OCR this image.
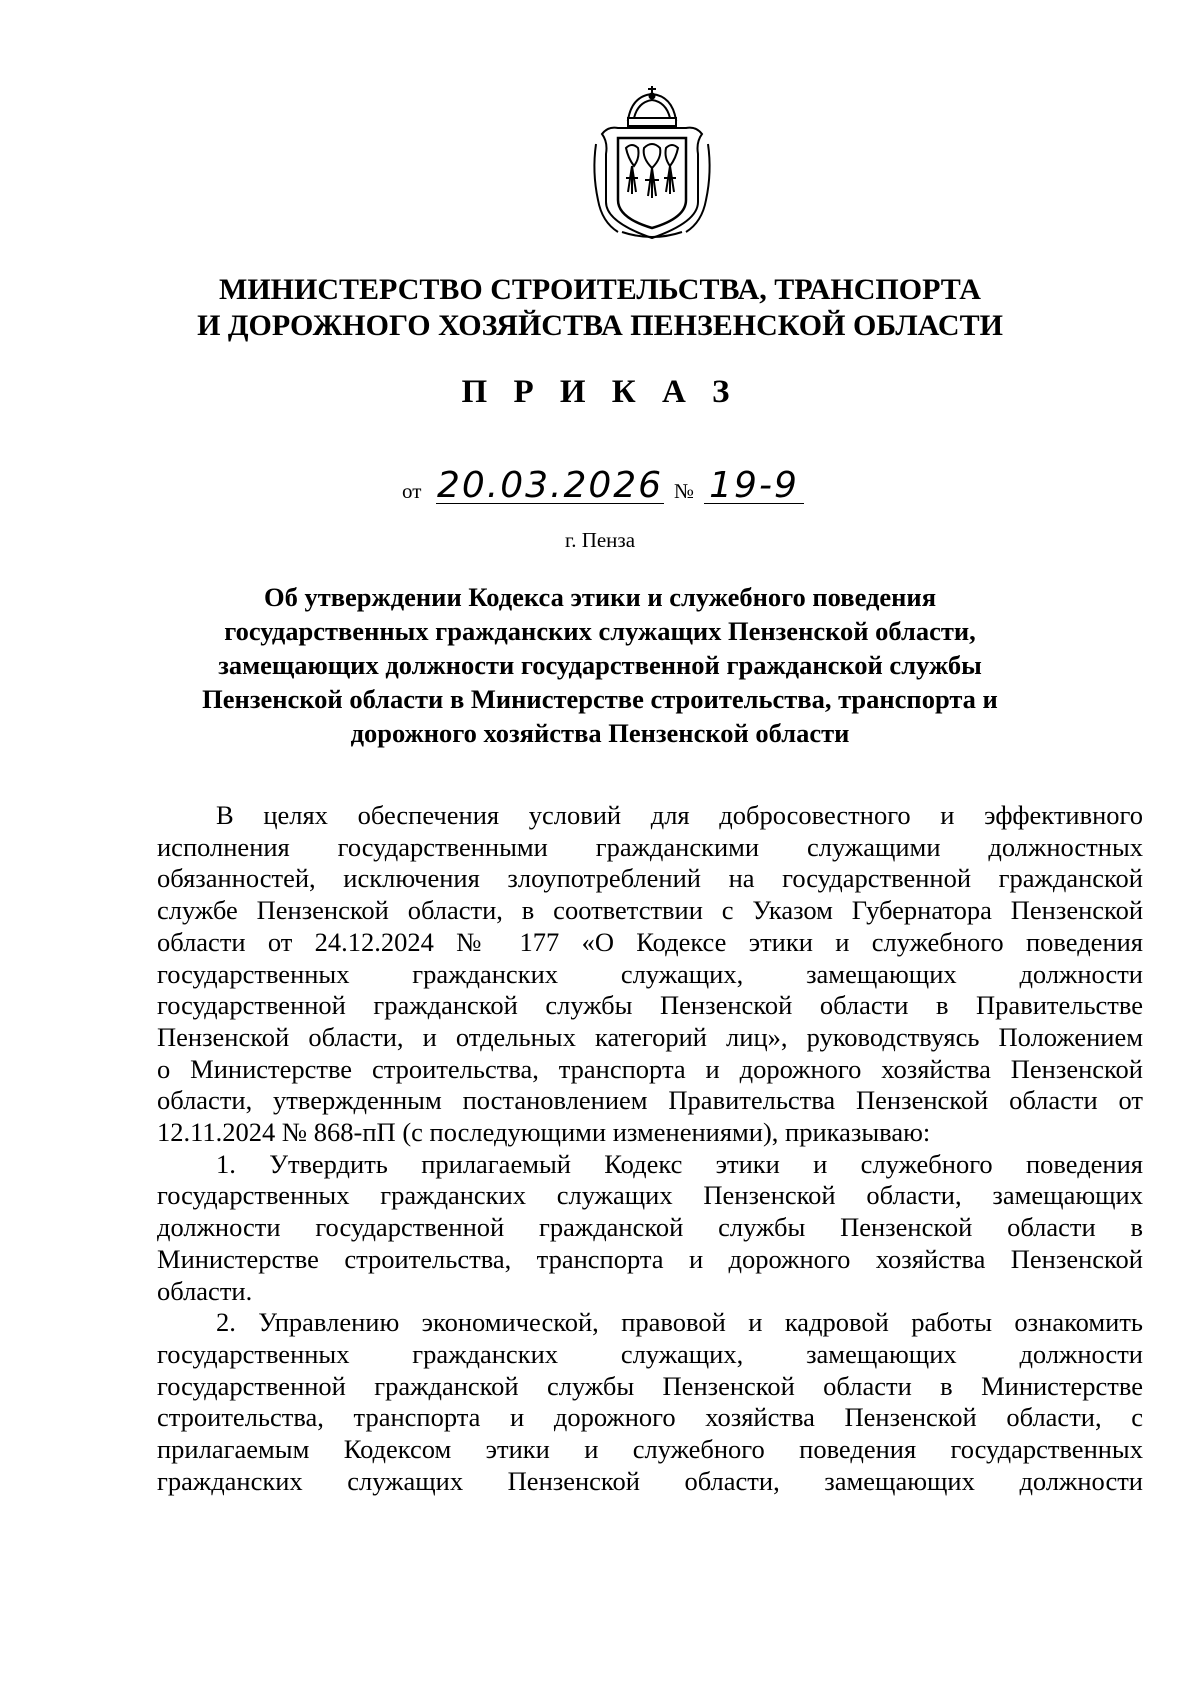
МИНИСТЕРСТВО СТРОИТЕЛЬСТВА, ТРАНСПОРТА
И ДОРОЖНОГО ХОЗЯЙСТВА ПЕНЗЕНСКОЙ ОБЛАСТИ
П Р И К А З
от 20.03.2026 № 19-9
г. Пенза
Об утверждении Кодекса этики и служебного поведения
государственных гражданских служащих Пензенской области,
замещающих должности государственной гражданской службы
Пензенской области в Министерстве строительства, транспорта и
дорожного хозяйства Пензенской области
В целях обеспечения условий для добросовестного и эффективного
исполнения государственными гражданскими служащими должностных
обязанностей, исключения злоупотреблений на государственной гражданской
службе Пензенской области, в соответствии с Указом Губернатора Пензенской
области от 24.12.2024 № 177 «О Кодексе этики и служебного поведения
государственных гражданских служащих, замещающих должности
государственной гражданской службы Пензенской области в Правительстве
Пензенской области, и отдельных категорий лиц», руководствуясь Положением
о Министерстве строительства, транспорта и дорожного хозяйства Пензенской
области, утвержденным постановлением Правительства Пензенской области от
12.11.2024 № 868-пП (с последующими изменениями), приказываю:
1. Утвердить прилагаемый Кодекс этики и служебного поведения
государственных гражданских служащих Пензенской области, замещающих
должности государственной гражданской службы Пензенской области в
Министерстве строительства, транспорта и дорожного хозяйства Пензенской
области.
2. Управлению экономической, правовой и кадровой работы ознакомить
государственных гражданских служащих, замещающих должности
государственной гражданской службы Пензенской области в Министерстве
строительства, транспорта и дорожного хозяйства Пензенской области, с
прилагаемым Кодексом этики и служебного поведения государственных
гражданских служащих Пензенской области, замещающих должности
